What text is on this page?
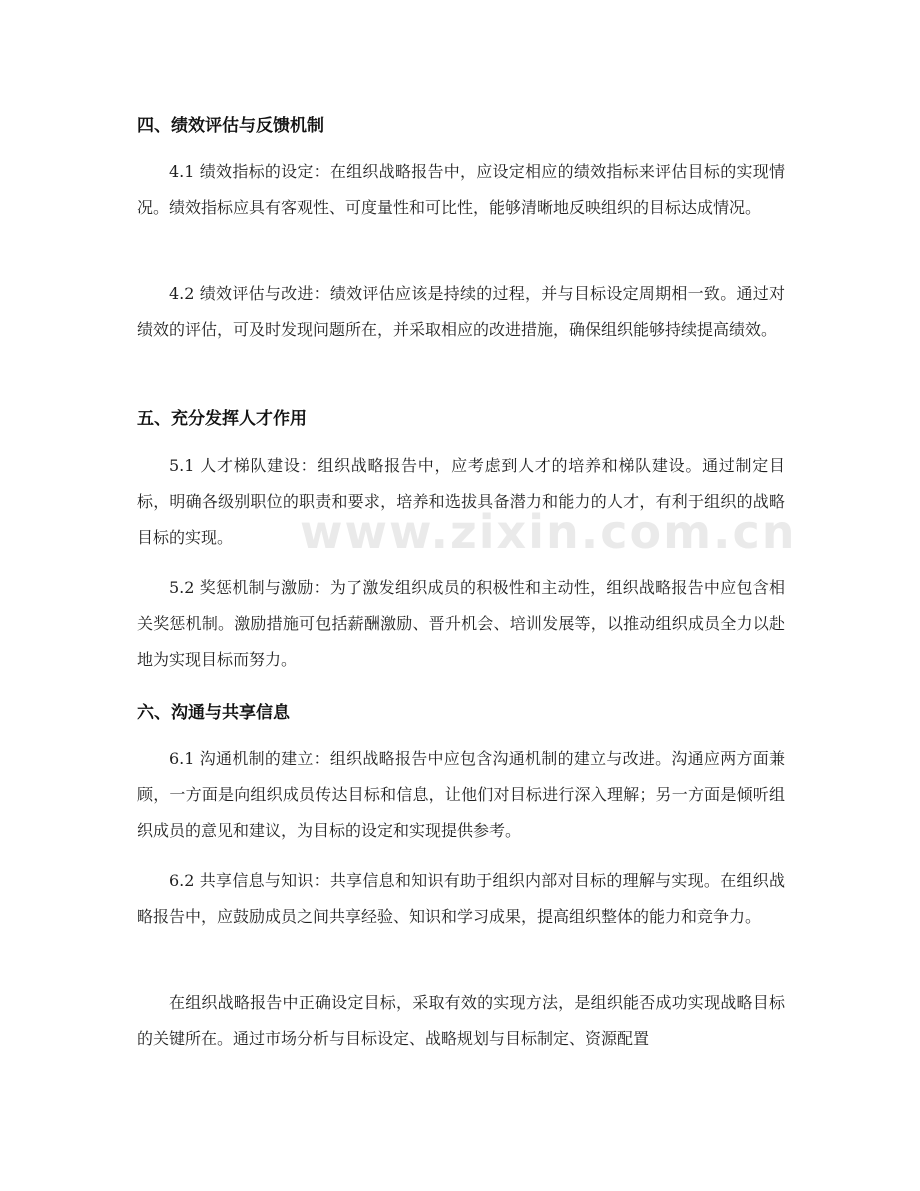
www.zixin.com.cn
四、绩效评估与反馈机制

4.1 绩效指标的设定：在组织战略报告中，应设定相应的绩效指标来评估目标的实现情况。绩效指标应具有客观性、可度量性和可比性，能够清晰地反映组织的目标达成情况。

4.2 绩效评估与改进：绩效评估应该是持续的过程，并与目标设定周期相一致。通过对绩效的评估，可及时发现问题所在，并采取相应的改进措施，确保组织能够持续提高绩效。

五、充分发挥人才作用

5.1 人才梯队建设：组织战略报告中，应考虑到人才的培养和梯队建设。通过制定目标，明确各级别职位的职责和要求，培养和选拔具备潜力和能力的人才，有利于组织的战略目标的实现。

5.2 奖惩机制与激励：为了激发组织成员的积极性和主动性，组织战略报告中应包含相关奖惩机制。激励措施可包括薪酬激励、晋升机会、培训发展等，以推动组织成员全力以赴地为实现目标而努力。

六、沟通与共享信息

6.1 沟通机制的建立：组织战略报告中应包含沟通机制的建立与改进。沟通应两方面兼顾，一方面是向组织成员传达目标和信息，让他们对目标进行深入理解；另一方面是倾听组织成员的意见和建议，为目标的设定和实现提供参考。

6.2 共享信息与知识：共享信息和知识有助于组织内部对目标的理解与实现。在组织战略报告中，应鼓励成员之间共享经验、知识和学习成果，提高组织整体的能力和竞争力。

在组织战略报告中正确设定目标，采取有效的实现方法，是组织能否成功实现战略目标的关键所在。通过市场分析与目标设定、战略规划与目标制定、资源配置
